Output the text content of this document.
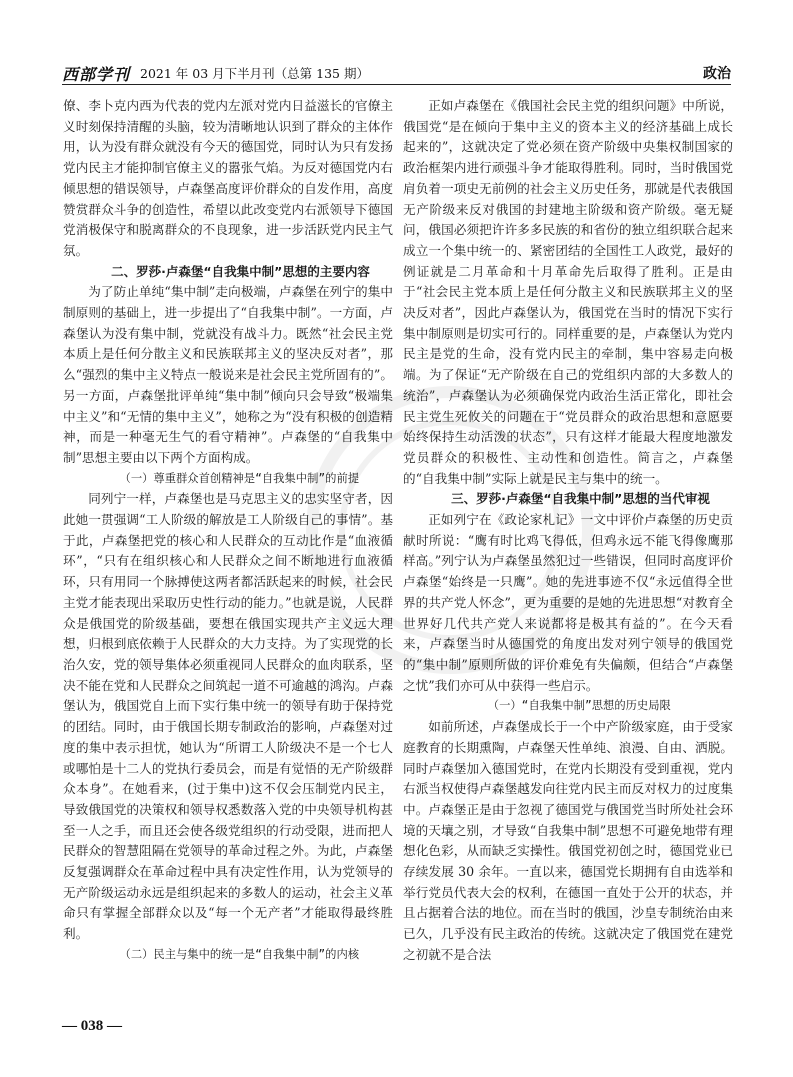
西部学刊 2021 年 03 月下半月刊（总第 135 期）	政治

僚、李卜克内西为代表的党内左派对党内日益滋长的官僚主义时刻保持清醒的头脑，较为清晰地认识到了群众的主体作用，认为没有群众就没有今天的德国党，同时认为只有发扬党内民主才能抑制官僚主义的嚣张气焰。为反对德国党内右倾思想的错误领导，卢森堡高度评价群众的自发作用，高度赞赏群众斗争的创造性，希望以此改变党内右派领导下德国党消极保守和脱离群众的不良现象，进一步活跃党内民主气氛。

二、罗莎·卢森堡“自我集中制”思想的主要内容

为了防止单纯“集中制”走向极端，卢森堡在列宁的集中制原则的基础上，进一步提出了“自我集中制”。一方面，卢森堡认为没有集中制，党就没有战斗力。既然“社会民主党本质上是任何分散主义和民族联邦主义的坚决反对者”，那么“强烈的集中主义特点一般说来是社会民主党所固有的”。另一方面，卢森堡批评单纯“集中制”倾向只会导致“极端集中主义”和“无情的集中主义”，她称之为“没有积极的创造精神，而是一种毫无生气的看守精神”。卢森堡的“自我集中制”思想主要由以下两个方面构成。

（一）尊重群众首创精神是“自我集中制”的前提

同列宁一样，卢森堡也是马克思主义的忠实坚守者，因此她一贯强调“工人阶级的解放是工人阶级自己的事情”。基于此，卢森堡把党的核心和人民群众的互动比作是“血液循环”，“只有在组织核心和人民群众之间不断地进行血液循环，只有用同一个脉搏使这两者都活跃起来的时候，社会民主党才能表现出采取历史性行动的能力。”也就是说，人民群众是俄国党的阶级基础，要想在俄国实现共产主义远大理想，归根到底依赖于人民群众的大力支持。为了实现党的长治久安，党的领导集体必须重视同人民群众的血肉联系，坚决不能在党和人民群众之间筑起一道不可逾越的鸿沟。卢森堡认为，俄国党自上而下实行集中统一的领导有助于保持党的团结。同时，由于俄国长期专制政治的影响，卢森堡对过度的集中表示担忧，她认为“所谓工人阶级决不是一个七人或哪怕是十二人的党执行委员会，而是有觉悟的无产阶级群众本身”。在她看来，(过于集中)这不仅会压制党内民主，导致俄国党的决策权和领导权悉数落入党的中央领导机构甚至一人之手，而且还会使各级党组织的行动受限，进而把人民群众的智慧阻隔在党领导的革命过程之外。为此，卢森堡反复强调群众在革命过程中具有决定性作用，认为党领导的无产阶级运动永远是组织起来的多数人的运动，社会主义革命只有掌握全部群众以及“每一个无产者”才能取得最终胜利。

（二）民主与集中的统一是“自我集中制”的内核

正如卢森堡在《俄国社会民主党的组织问题》中所说，俄国党“是在倾向于集中主义的资本主义的经济基础上成长起来的”，这就决定了党必须在资产阶级中央集权制国家的政治框架内进行顽强斗争才能取得胜利。同时，当时俄国党肩负着一项史无前例的社会主义历史任务，那就是代表俄国无产阶级来反对俄国的封建地主阶级和资产阶级。毫无疑问，俄国必须把许许多多民族的和省份的独立组织联合起来成立一个集中统一的、紧密团结的全国性工人政党，最好的例证就是二月革命和十月革命先后取得了胜利。正是由于“社会民主党本质上是任何分散主义和民族联邦主义的坚决反对者”，因此卢森堡认为，俄国党在当时的情况下实行集中制原则是切实可行的。同样重要的是，卢森堡认为党内民主是党的生命，没有党内民主的牵制，集中容易走向极端。为了保证“无产阶级在自己的党组织内部的大多数人的统治”，卢森堡认为必须确保党内政治生活正常化，即社会民主党生死攸关的问题在于“党员群众的政治思想和意愿要始终保持生动活泼的状态”，只有这样才能最大程度地激发党员群众的积极性、主动性和创造性。简言之，卢森堡的“自我集中制”实际上就是民主与集中的统一。

三、罗莎·卢森堡“自我集中制”思想的当代审视

正如列宁在《政论家札记》一文中评价卢森堡的历史贡献时所说：“鹰有时比鸡飞得低，但鸡永远不能飞得像鹰那样高。”列宁认为卢森堡虽然犯过一些错误，但同时高度评价卢森堡“始终是一只鹰”。她的先进事迹不仅“永远值得全世界的共产党人怀念”，更为重要的是她的先进思想“对教育全世界好几代共产党人来说都将是极其有益的”。在今天看来，卢森堡当时从德国党的角度出发对列宁领导的俄国党的“集中制”原则所做的评价难免有失偏颇，但结合“卢森堡之忧”我们亦可从中获得一些启示。

（一）“自我集中制”思想的历史局限

如前所述，卢森堡成长于一个中产阶级家庭，由于受家庭教育的长期熏陶，卢森堡天性单纯、浪漫、自由、洒脱。同时卢森堡加入德国党时，在党内长期没有受到重视，党内右派当权使得卢森堡越发向往党内民主而反对权力的过度集中。卢森堡正是由于忽视了德国党与俄国党当时所处社会环境的天壤之别，才导致“自我集中制”思想不可避免地带有理想化色彩，从而缺乏实操性。俄国党初创之时，德国党业已存续发展 30 余年。一直以来，德国党长期拥有自由选举和举行党员代表大会的权利，在德国一直处于公开的状态，并且占据着合法的地位。而在当时的俄国，沙皇专制统治由来已久，几乎没有民主政治的传统。这就决定了俄国党在建党之初就不是合法

— 038 —
